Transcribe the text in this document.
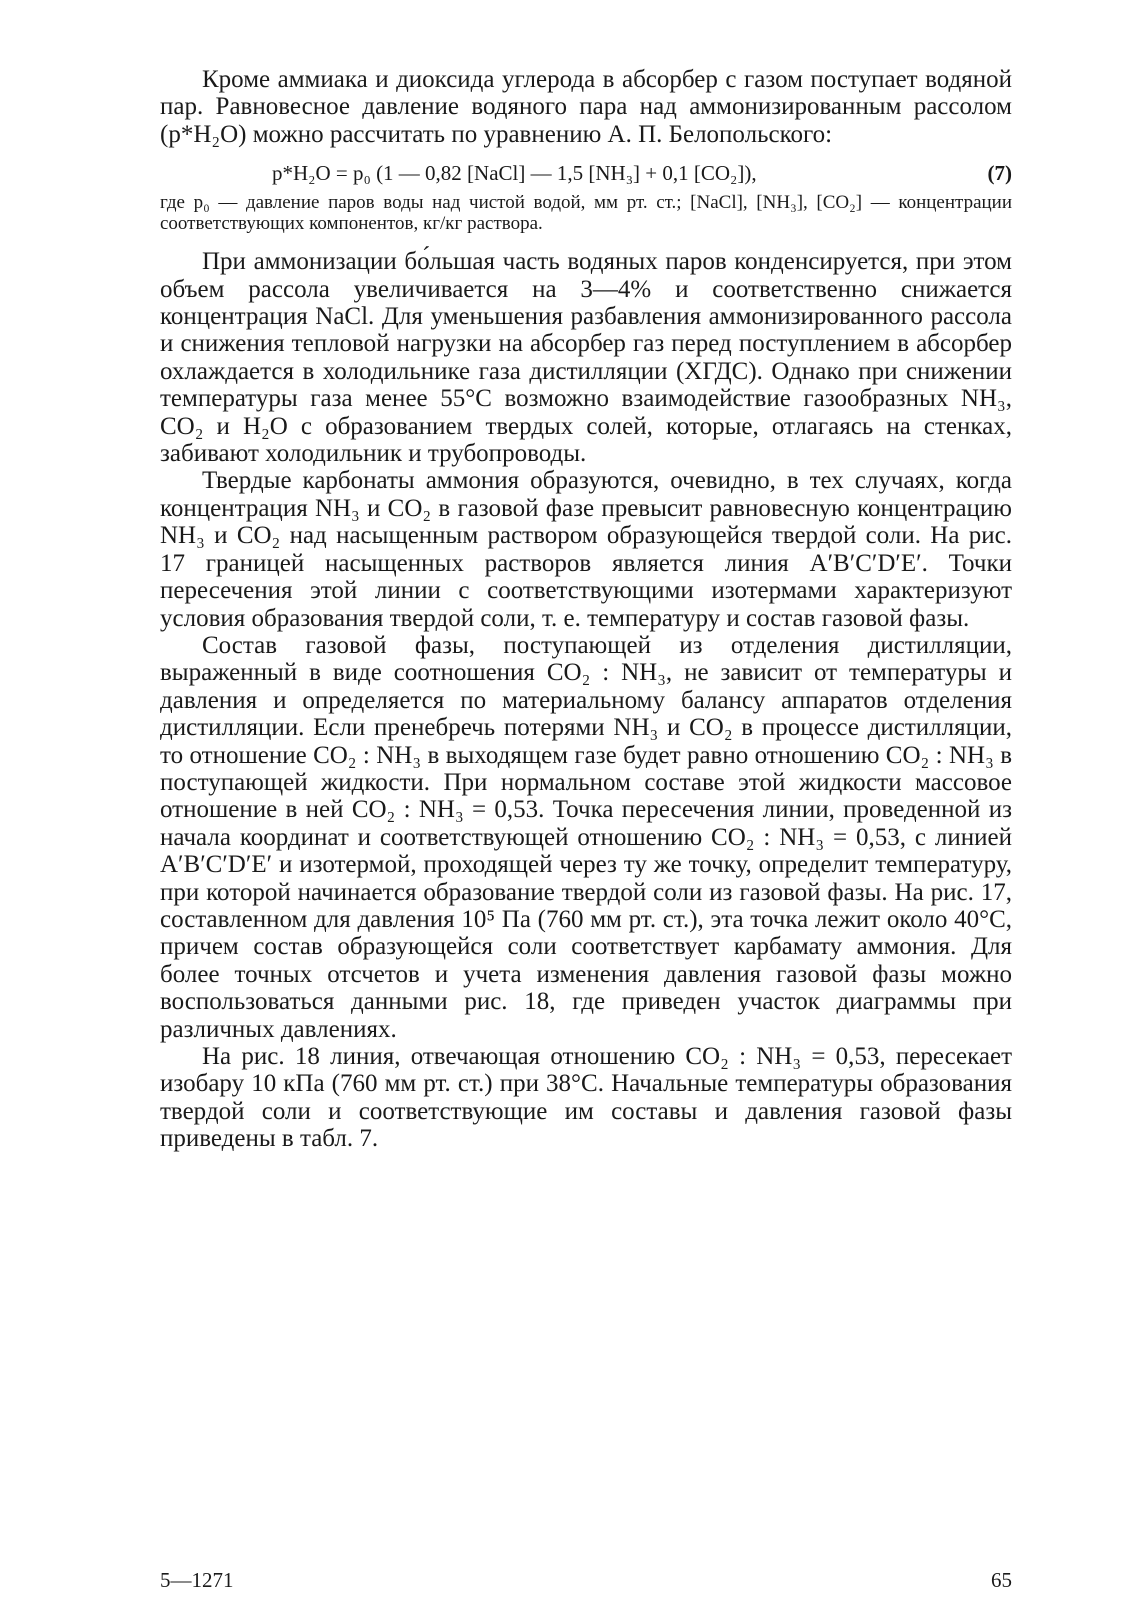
Кроме аммиака и диоксида углерода в абсорбер с газом поступает водяной пар. Равновесное давление водяного пара над аммонизированным рассолом (p*H₂O) можно рассчитать по уравнению А. П. Белопольского:

p*H₂O = p₀ (1 — 0,82 [NaCl] — 1,5 [NH₃] + 0,1 [CO₂]),	(7)

где p₀ — давление паров воды над чистой водой, мм рт. ст.; [NaCl], [NH₃], [CO₂] — концентрации соответствующих компонентов, кг/кг раствора.

При аммонизации бо́льшая часть водяных паров конденсируется, при этом объем рассола увеличивается на 3—4% и соответственно снижается концентрация NaCl. Для уменьшения разбавления аммонизированного рассола и снижения тепловой нагрузки на абсорбер газ перед поступлением в абсорбер охлаждается в холодильнике газа дистилляции (ХГДС). Однако при снижении температуры газа менее 55°C возможно взаимодействие газообразных NH₃, CO₂ и H₂O с образованием твердых солей, которые, отлагаясь на стенках, забивают холодильник и трубопроводы.

Твердые карбонаты аммония образуются, очевидно, в тех случаях, когда концентрация NH₃ и CO₂ в газовой фазе превысит равновесную концентрацию NH₃ и CO₂ над насыщенным раствором образующейся твердой соли. На рис. 17 границей насыщенных растворов является линия A′B′C′D′E′. Точки пересечения этой линии с соответствующими изотермами характеризуют условия образования твердой соли, т. е. температуру и состав газовой фазы.

Состав газовой фазы, поступающей из отделения дистилляции, выраженный в виде соотношения CO₂ : NH₃, не зависит от температуры и давления и определяется по материальному балансу аппаратов отделения дистилляции. Если пренебречь потерями NH₃ и CO₂ в процессе дистилляции, то отношение CO₂ : NH₃ в выходящем газе будет равно отношению CO₂ : NH₃ в поступающей жидкости. При нормальном составе этой жидкости массовое отношение в ней CO₂ : NH₃ = 0,53. Точка пересечения линии, проведенной из начала координат и соответствующей отношению CO₂ : NH₃ = 0,53, с линией A′B′C′D′E′ и изотермой, проходящей через ту же точку, определит температуру, при которой начинается образование твердой соли из газовой фазы. На рис. 17, составленном для давления 10⁵ Па (760 мм рт. ст.), эта точка лежит около 40°C, причем состав образующейся соли соответствует карбамату аммония. Для более точных отсчетов и учета изменения давления газовой фазы можно воспользоваться данными рис. 18, где приведен участок диаграммы при различных давлениях.

На рис. 18 линия, отвечающая отношению CO₂ : NH₃ = 0,53, пересекает изобару 10 кПа (760 мм рт. ст.) при 38°C. Начальные температуры образования твердой соли и соответствующие им составы и давления газовой фазы приведены в табл. 7.

5—1271	65
